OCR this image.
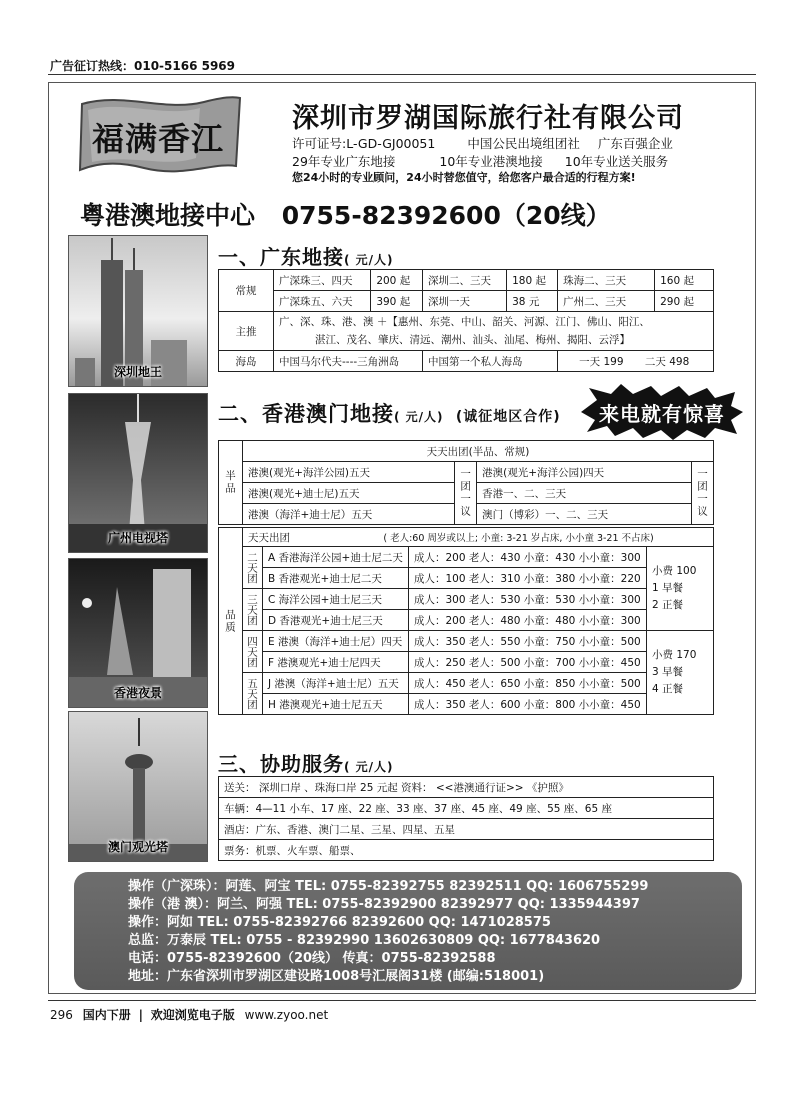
广告征订热线：010-5166 5969
福满香江
深圳市罗湖国际旅行社有限公司
许可证号:L-GD-GJ00051	中国公民出境组团社 广东百强企业
29年专业广东地接	10年专业港澳地接 10年专业送关服务
您24小时的专业顾问，24小时替您值守，给您客户最合适的行程方案!
粤港澳地接中心 0755-82392600（20线）
深圳地王
广州电视塔
香港夜景
澳门观光塔
一、广东地接( 元/人)
常规	广深珠三、四天	200 起	深圳二、三天	180 起	珠海二、三天	160 起
	广深珠五、六天	390 起	深圳一天	38 元	广州二、三天	290 起
主推	广、深、珠、港、澳 ＋【惠州、东莞、中山、韶关、河源、江门、佛山、阳江、
湛江、茂名、肇庆、清远、潮州、汕头、汕尾、梅州、揭阳、云浮】					

海岛	中国马尔代夫----三角洲岛		中国第一个私人海岛		一天 199 二天 498	
二、香港澳门地接( 元/人) (诚征地区合作) 来电就有惊喜
半品	天天出团(半品、常规)			
	港澳(观光+海洋公园)五天	一团一议	港澳(观光+海洋公园)四天	一团一议

	港澳(观光+迪士尼)五天		香港一、二、三天	
	港澳（海洋+迪士尼）五天		澳门（博彩）一、二、三天	
品质	天天出团 ( 老人:60 周岁或以上; 小童: 3-21 岁占床, 小小童 3-21 不占床)			

	二天团	A 香港海洋公园+迪士尼二天	成人：200 老人：430 小童：430 小小童：300	小费 100
1 早餐
2 正餐

		B 香港观光+迪士尼二天	成人：100 老人：310 小童：380 小小童：220	

	三天团	C 海洋公园+迪士尼三天	成人：300 老人：530 小童：530 小小童：300	
		D 香港观光+迪士尼三天	成人：200 老人：480 小童：480 小小童：300	

	四天团	E 港澳（海洋+迪士尼）四天	成人：350 老人：550 小童：750 小小童：500	小费 170
3 早餐
4 正餐

		F 港澳观光+迪士尼四天	成人：250 老人：500 小童：700 小小童：450	

	五天团	J 港澳（海洋+迪士尼）五天	成人：450 老人：650 小童：850 小小童：500	
		H 港澳观光+迪士尼五天	成人：350 老人：600 小童：800 小小童：450	
三、协助服务( 元/人)
送关： 深圳口岸 、珠海口岸 25 元起 资料： <<港澳通行证>> 《护照》
车辆：4—11 小车、17 座、22 座、33 座、37 座、45 座、49 座、55 座、65 座
酒店：广东、香港、澳门二星、三星、四星、五星
票务：机票、火车票、船票、
操作（广深珠）：阿莲、阿宝 TEL: 0755-82392755 82392511 QQ: 1606755299
操作（港 澳）：阿兰、阿强 TEL: 0755-82392900 82392977 QQ: 1335944397
操作：阿如 TEL: 0755-82392766 82392600 QQ: 1471028575
总监：万泰辰 TEL: 0755 - 82392990 13602630809 QQ: 1677843620
电话：0755-82392600（20线） 传真：0755-82392588
地址：广东省深圳市罗湖区建设路1008号汇展阁31楼 (邮编:518001)
296 国内下册 | 欢迎浏览电子版 www.zyoo.net
